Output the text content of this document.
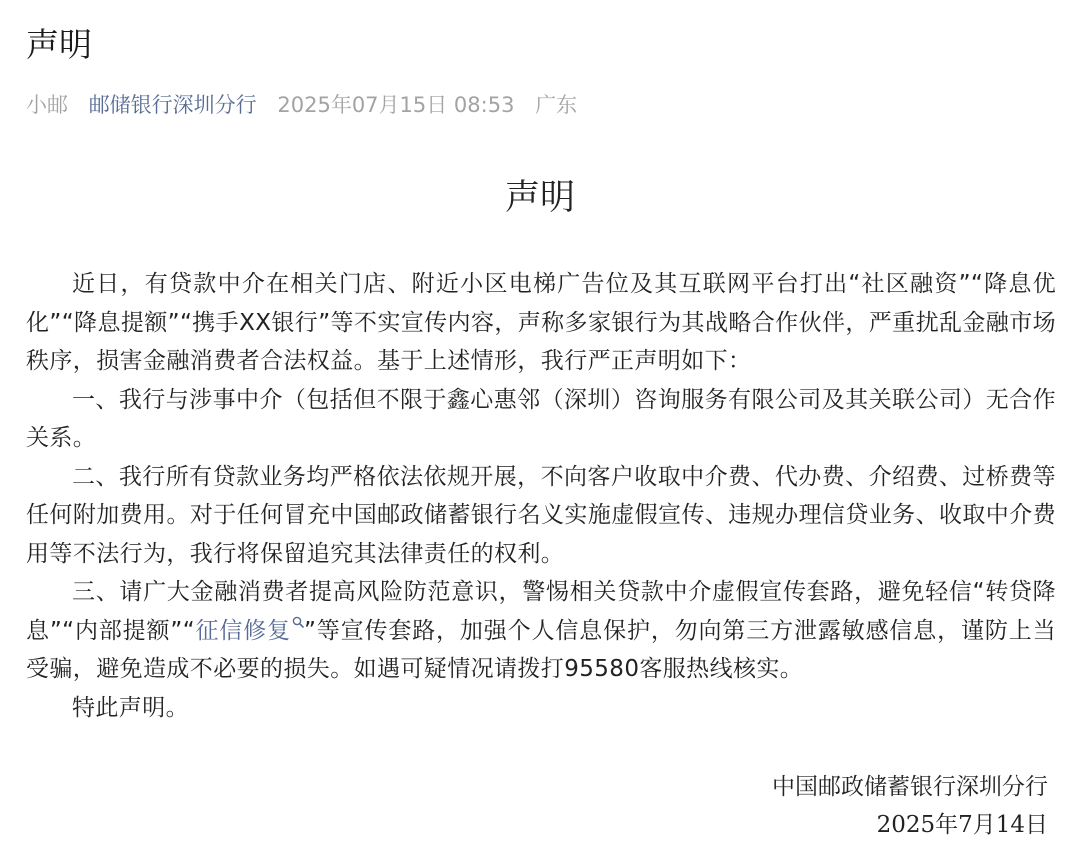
声明
小邮 邮储银行深圳分行 2025年07月15日 08:53 广东
声明

近日，有贷款中介在相关门店、附近小区电梯广告位及其互联网平台打出“社区融资”“降息优化”“降息提额”“携手XX银行”等不实宣传内容，声称多家银行为其战略合作伙伴，严重扰乱金融市场秩序，损害金融消费者合法权益。基于上述情形，我行严正声明如下：

一、我行与涉事中介（包括但不限于鑫心惠邻（深圳）咨询服务有限公司及其关联公司）无合作关系。

二、我行所有贷款业务均严格依法依规开展，不向客户收取中介费、代办费、介绍费、过桥费等任何附加费用。对于任何冒充中国邮政储蓄银行名义实施虚假宣传、违规办理信贷业务、收取中介费用等不法行为，我行将保留追究其法律责任的权利。

三、请广大金融消费者提高风险防范意识，警惕相关贷款中介虚假宣传套路，避免轻信“转贷降息”“内部提额”“征信修复 ”等宣传套路，加强个人信息保护，勿向第三方泄露敏感信息，谨防上当受骗，避免造成不必要的损失。如遇可疑情况请拨打95580客服热线核实。

特此声明。

中国邮政储蓄银行深圳分行
2025年7月14日
